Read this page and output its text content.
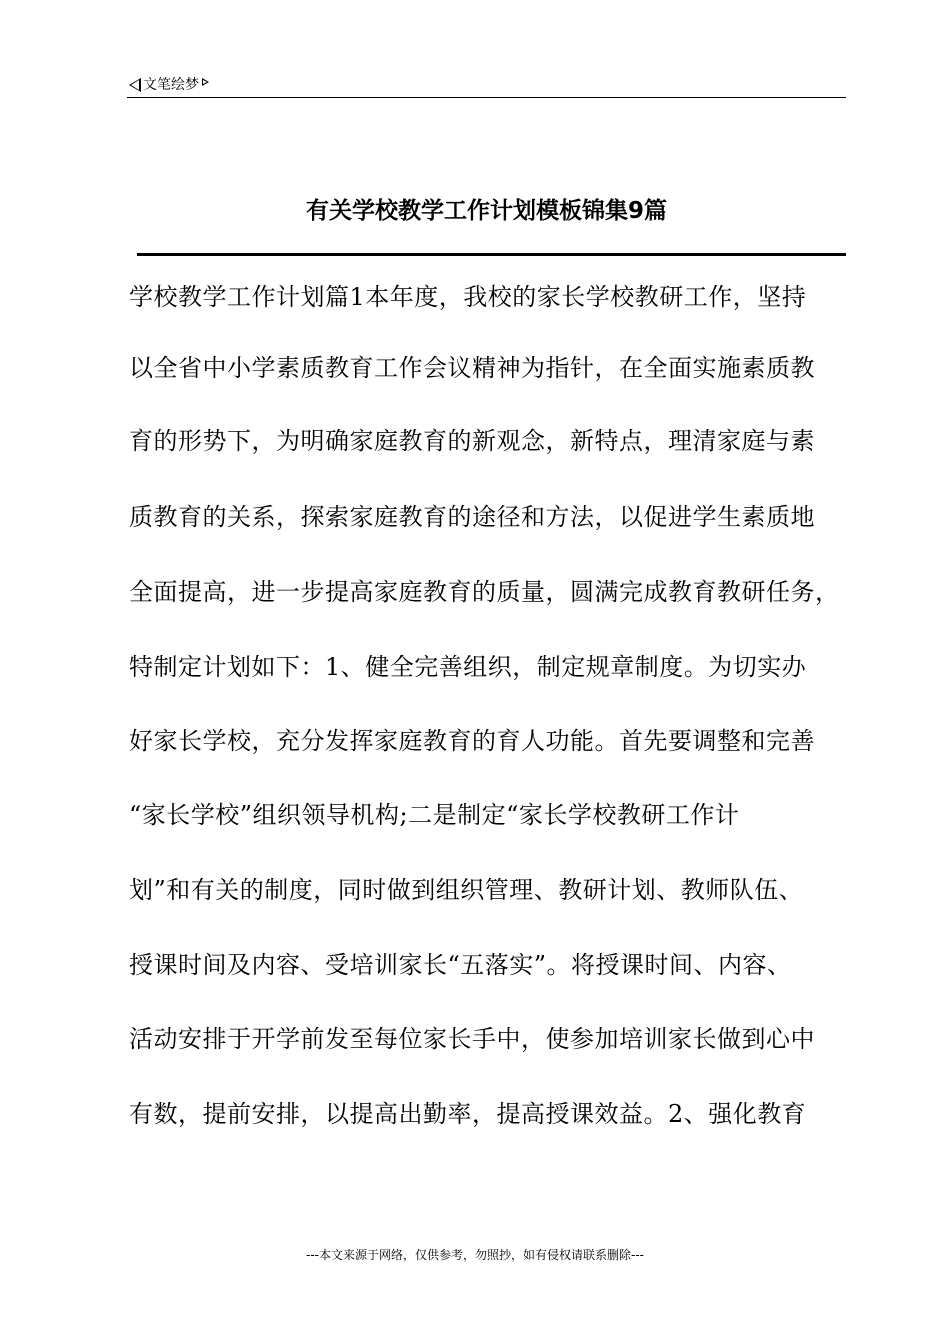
文笔绘梦
有关学校教学工作计划模板锦集9篇
学校教学工作计划篇1本年度，我校的家长学校教研工作，坚持
以全省中小学素质教育工作会议精神为指针，在全面实施素质教
育的形势下，为明确家庭教育的新观念，新特点，理清家庭与素
质教育的关系，探索家庭教育的途径和方法，以促进学生素质地
全面提高，进一步提高家庭教育的质量，圆满完成教育教研任务，
特制定计划如下：1、健全完善组织，制定规章制度。为切实办
好家长学校，充分发挥家庭教育的育人功能。首先要调整和完善
“家长学校”组织领导机构;二是制定“家长学校教研工作计
划”和有关的制度，同时做到组织管理、教研计划、教师队伍、
授课时间及内容、受培训家长“五落实”。将授课时间、内容、
活动安排于开学前发至每位家长手中，使参加培训家长做到心中
有数，提前安排，以提高出勤率，提高授课效益。2、强化教育
---本文来源于网络，仅供参考，勿照抄，如有侵权请联系删除---
